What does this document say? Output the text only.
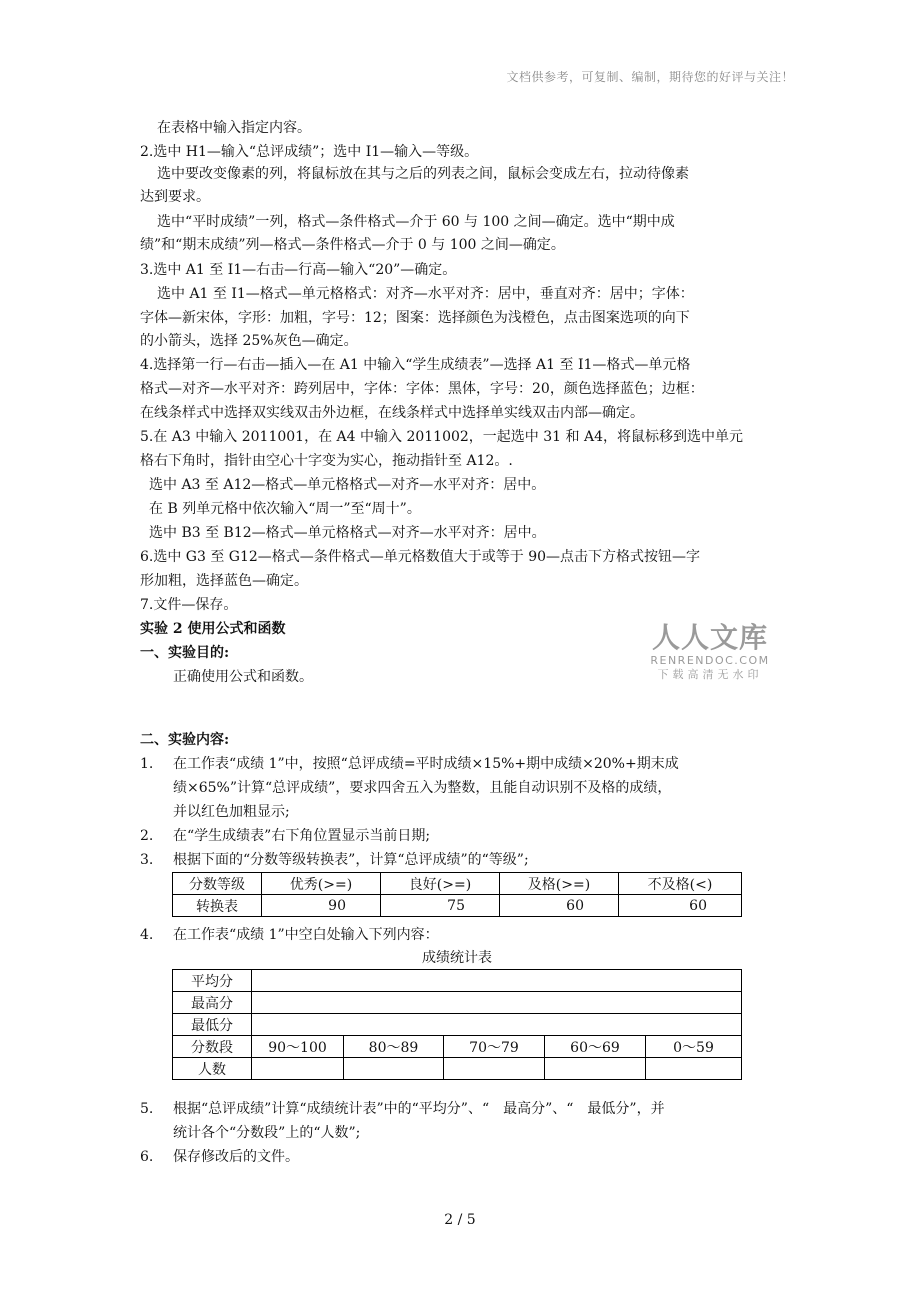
文档供参考，可复制、编制，期待您的好评与关注！
在表格中输入指定内容。
2.选中 H1—输入“总评成绩”；选中 I1—输入—等级。
选中要改变像素的列，将鼠标放在其与之后的列表之间，鼠标会变成左右，拉动待像素
达到要求。
选中“平时成绩”一列，格式—条件格式—介于 60 与 100 之间—确定。选中“期中成
绩”和“期末成绩”列—格式—条件格式—介于 0 与 100 之间—确定。
3.选中 A1 至 I1—右击—行高—输入“20”—确定。
选中 A1 至 I1—格式—单元格格式：对齐—水平对齐：居中，垂直对齐：居中；字体：
字体—新宋体，字形：加粗，字号：12；图案：选择颜色为浅橙色，点击图案选项的向下
的小箭头，选择 25%灰色—确定。
4.选择第一行—右击—插入—在 A1 中输入“学生成绩表”—选择 A1 至 I1—格式—单元格
格式—对齐—水平对齐：跨列居中，字体：字体：黑体，字号：20，颜色选择蓝色；边框：
在线条样式中选择双实线双击外边框，在线条样式中选择单实线双击内部—确定。
5.在 A3 中输入 2011001，在 A4 中输入 2011002，一起选中 31 和 A4，将鼠标移到选中单元
格右下角时，指针由空心十字变为实心，拖动指针至 A12。.
选中 A3 至 A12—格式—单元格格式—对齐—水平对齐：居中。
在 B 列单元格中依次输入“周一”至“周十”。
选中 B3 至 B12—格式—单元格格式—对齐—水平对齐：居中。
6.选中 G3 至 G12—格式—条件格式—单元格数值大于或等于 90—点击下方格式按钮—字
形加粗，选择蓝色—确定。
7.文件—保存。
实验 2 使用公式和函数
一、实验目的:
正确使用公式和函数。
人人文库
RENRENDOC.COM
下载高清无水印
二、实验内容:
1. 在工作表“成绩 1”中，按照“总评成绩=平时成绩×15%+期中成绩×20%+期末成
绩×65%”计算“总评成绩”，要求四舍五入为整数，且能自动识别不及格的成绩，
并以红色加粗显示;
2. 在“学生成绩表”右下角位置显示当前日期;
3. 根据下面的“分数等级转换表”，计算“总评成绩”的“等级”;
分数等级	优秀(>=)	良好(>=)	及格(>=)	不及格(<)
转换表	90	75	60	60
4. 在工作表“成绩 1”中空白处输入下列内容：
成绩统计表
平均分					
最高分					
最低分					
分数段	90～100	80～89	70～79	60～69	0～59
人数					
5. 根据“总评成绩”计算“成绩统计表”中的“平均分”、“　最高分”、“　最低分”，并
统计各个“分数段”上的“人数”;
6. 保存修改后的文件。
2 / 5
